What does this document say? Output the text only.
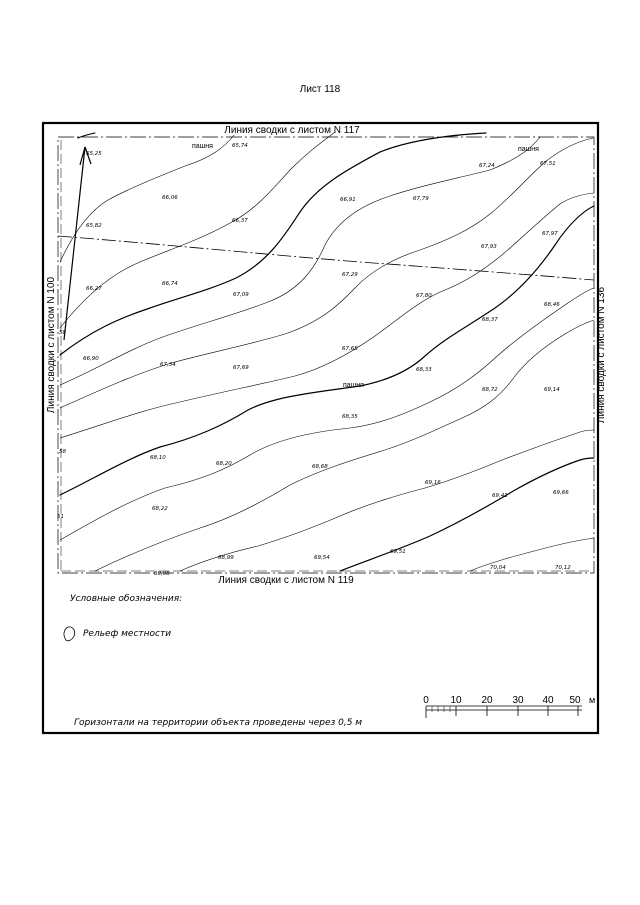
Лист 118
Линия сводки с листом N 117
Линия сводки с листом N 119
Линия сводки с листом N 100	Линия сводки с листом N 136
пашня	пашня
пашня
65,25
65,74
67,24	67,51
66,06	66,91	67,79
65,82
66,37
67,93
67,97
66,27
66,74
67,09
67,29
67,80
68,46
68,37
66,90
67,65
67,34	67,69	68,33
68,72	69,14
68,35
68,10
68,20	68,68
68,22
69,16
69,41	69,66
68,99	69,54
69,51
70,04	70,12
69,98
58
51
58
Условные обозначения:
Рельеф местности
Горизонтали на территории объекта проведены через 0,5 м
0 10 20 30 40 50 м
